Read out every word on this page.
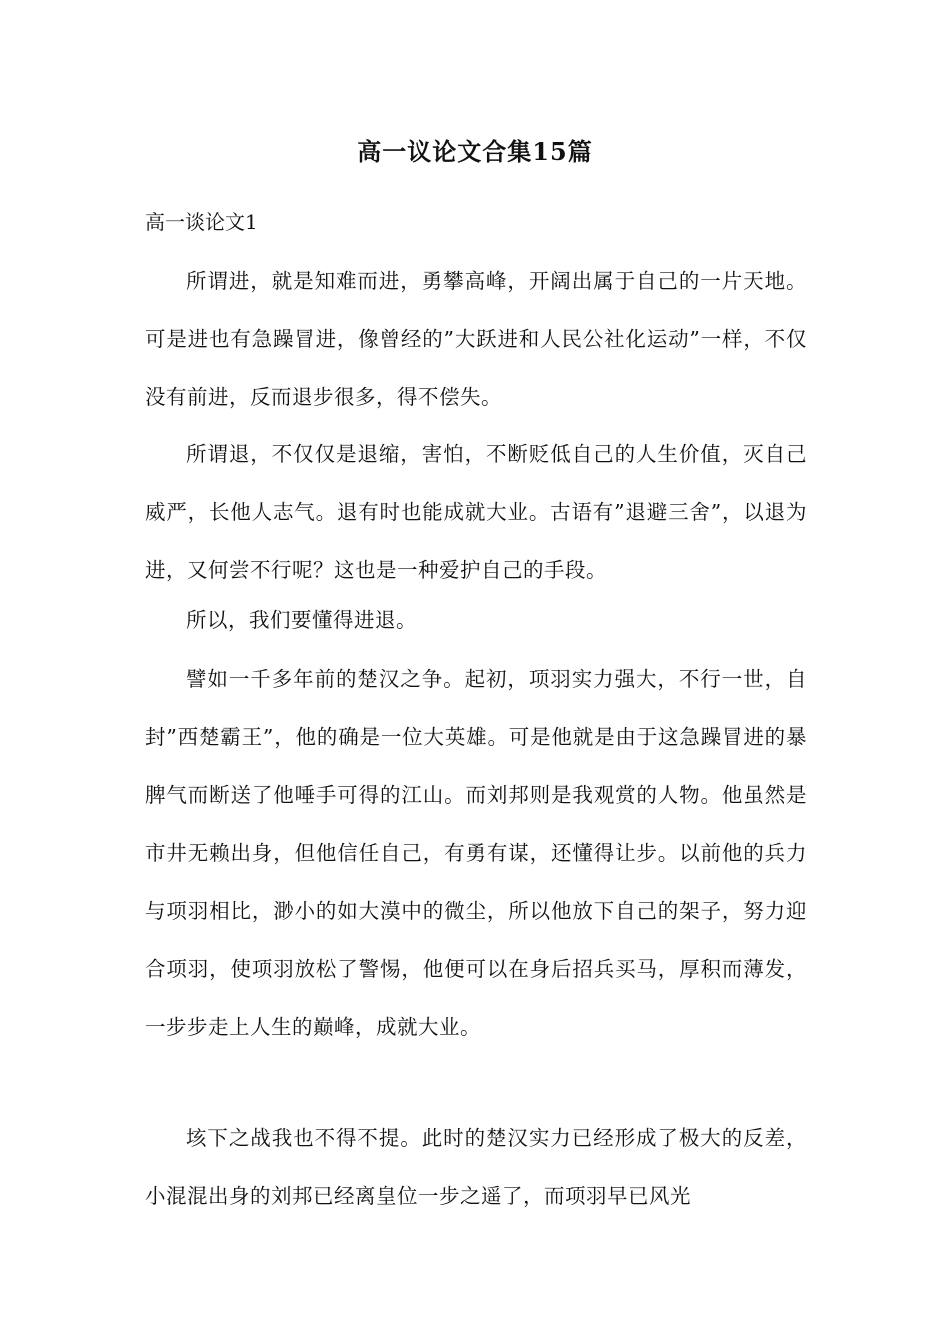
高一议论文合集15篇
高一谈论文1

所谓进，就是知难而进，勇攀高峰，开阔出属于自己的一片天地。可是进也有急躁冒进，像曾经的”大跃进和人民公社化运动”一样，不仅没有前进，反而退步很多，得不偿失。

所谓退，不仅仅是退缩，害怕，不断贬低自己的人生价值，灭自己威严，长他人志气。退有时也能成就大业。古语有”退避三舍”，以退为进，又何尝不行呢？这也是一种爱护自己的手段。

所以，我们要懂得进退。

譬如一千多年前的楚汉之争。起初，项羽实力强大，不行一世，自封”西楚霸王”，他的确是一位大英雄。可是他就是由于这急躁冒进的暴脾气而断送了他唾手可得的江山。而刘邦则是我观赏的人物。他虽然是市井无赖出身，但他信任自己，有勇有谋，还懂得让步。以前他的兵力与项羽相比，渺小的如大漠中的微尘，所以他放下自己的架子，努力迎合项羽，使项羽放松了警惕，他便可以在身后招兵买马，厚积而薄发，一步步走上人生的巅峰，成就大业。

垓下之战我也不得不提。此时的楚汉实力已经形成了极大的反差，小混混出身的刘邦已经离皇位一步之遥了，而项羽早已风光
